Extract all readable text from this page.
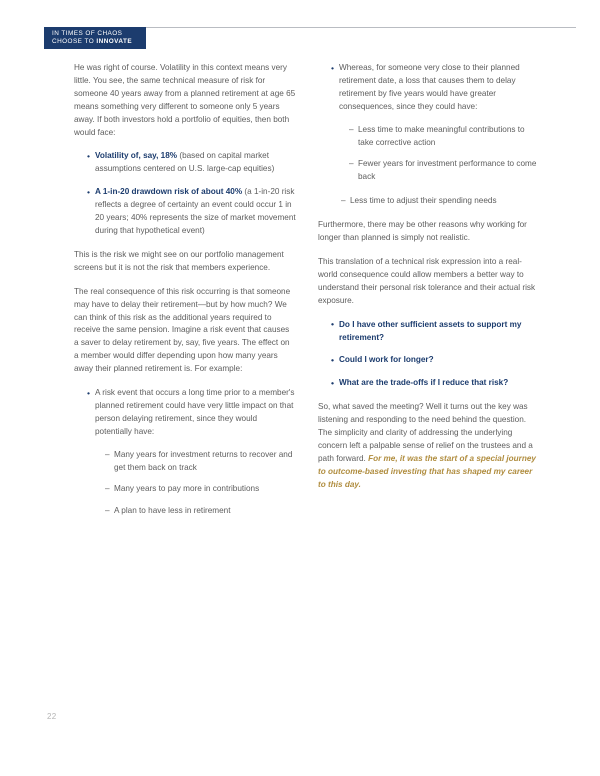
IN TIMES OF CHAOS
CHOOSE TO INNOVATE

He was right of course. Volatility in this context means very little. You see, the same technical measure of risk for someone 40 years away from a planned retirement at age 65 means something very different to someone only 5 years away. If both investors hold a portfolio of equities, then both would face:

• Volatility of, say, 18% (based on capital market assumptions centered on U.S. large-cap equities)
• A 1-in-20 drawdown risk of about 40% (a 1-in-20 risk reflects a degree of certainty an event could occur 1 in 20 years; 40% represents the size of market movement during that hypothetical event)

This is the risk we might see on our portfolio management screens but it is not the risk that members experience.

The real consequence of this risk occurring is that someone may have to delay their retirement—but by how much? We can think of this risk as the additional years required to receive the same pension. Imagine a risk event that causes a saver to delay retirement by, say, five years. The effect on a member would differ depending upon how many years away their planned retirement is. For example:

• A risk event that occurs a long time prior to a member's planned retirement could have very little impact on that person delaying retirement, since they would potentially have:
– Many years for investment returns to recover and get them back on track
– Many years to pay more in contributions
– A plan to have less in retirement
• Whereas, for someone very close to their planned retirement date, a loss that causes them to delay retirement by five years would have greater consequences, since they could have:
– Less time to make meaningful contributions to take corrective action
– Fewer years for investment performance to come back
– Less time to adjust their spending needs

Furthermore, there may be other reasons why working for longer than planned is simply not realistic.

This translation of a technical risk expression into a real-world consequence could allow members a better way to understand their personal risk tolerance and their actual risk exposure.

• Do I have other sufficient assets to support my retirement?
• Could I work for longer?
• What are the trade-offs if I reduce that risk?

So, what saved the meeting? Well it turns out the key was listening and responding to the need behind the question. The simplicity and clarity of addressing the underlying concern left a palpable sense of relief on the trustees and a path forward. For me, it was the start of a special journey to outcome-based investing that has shaped my career to this day.

22
